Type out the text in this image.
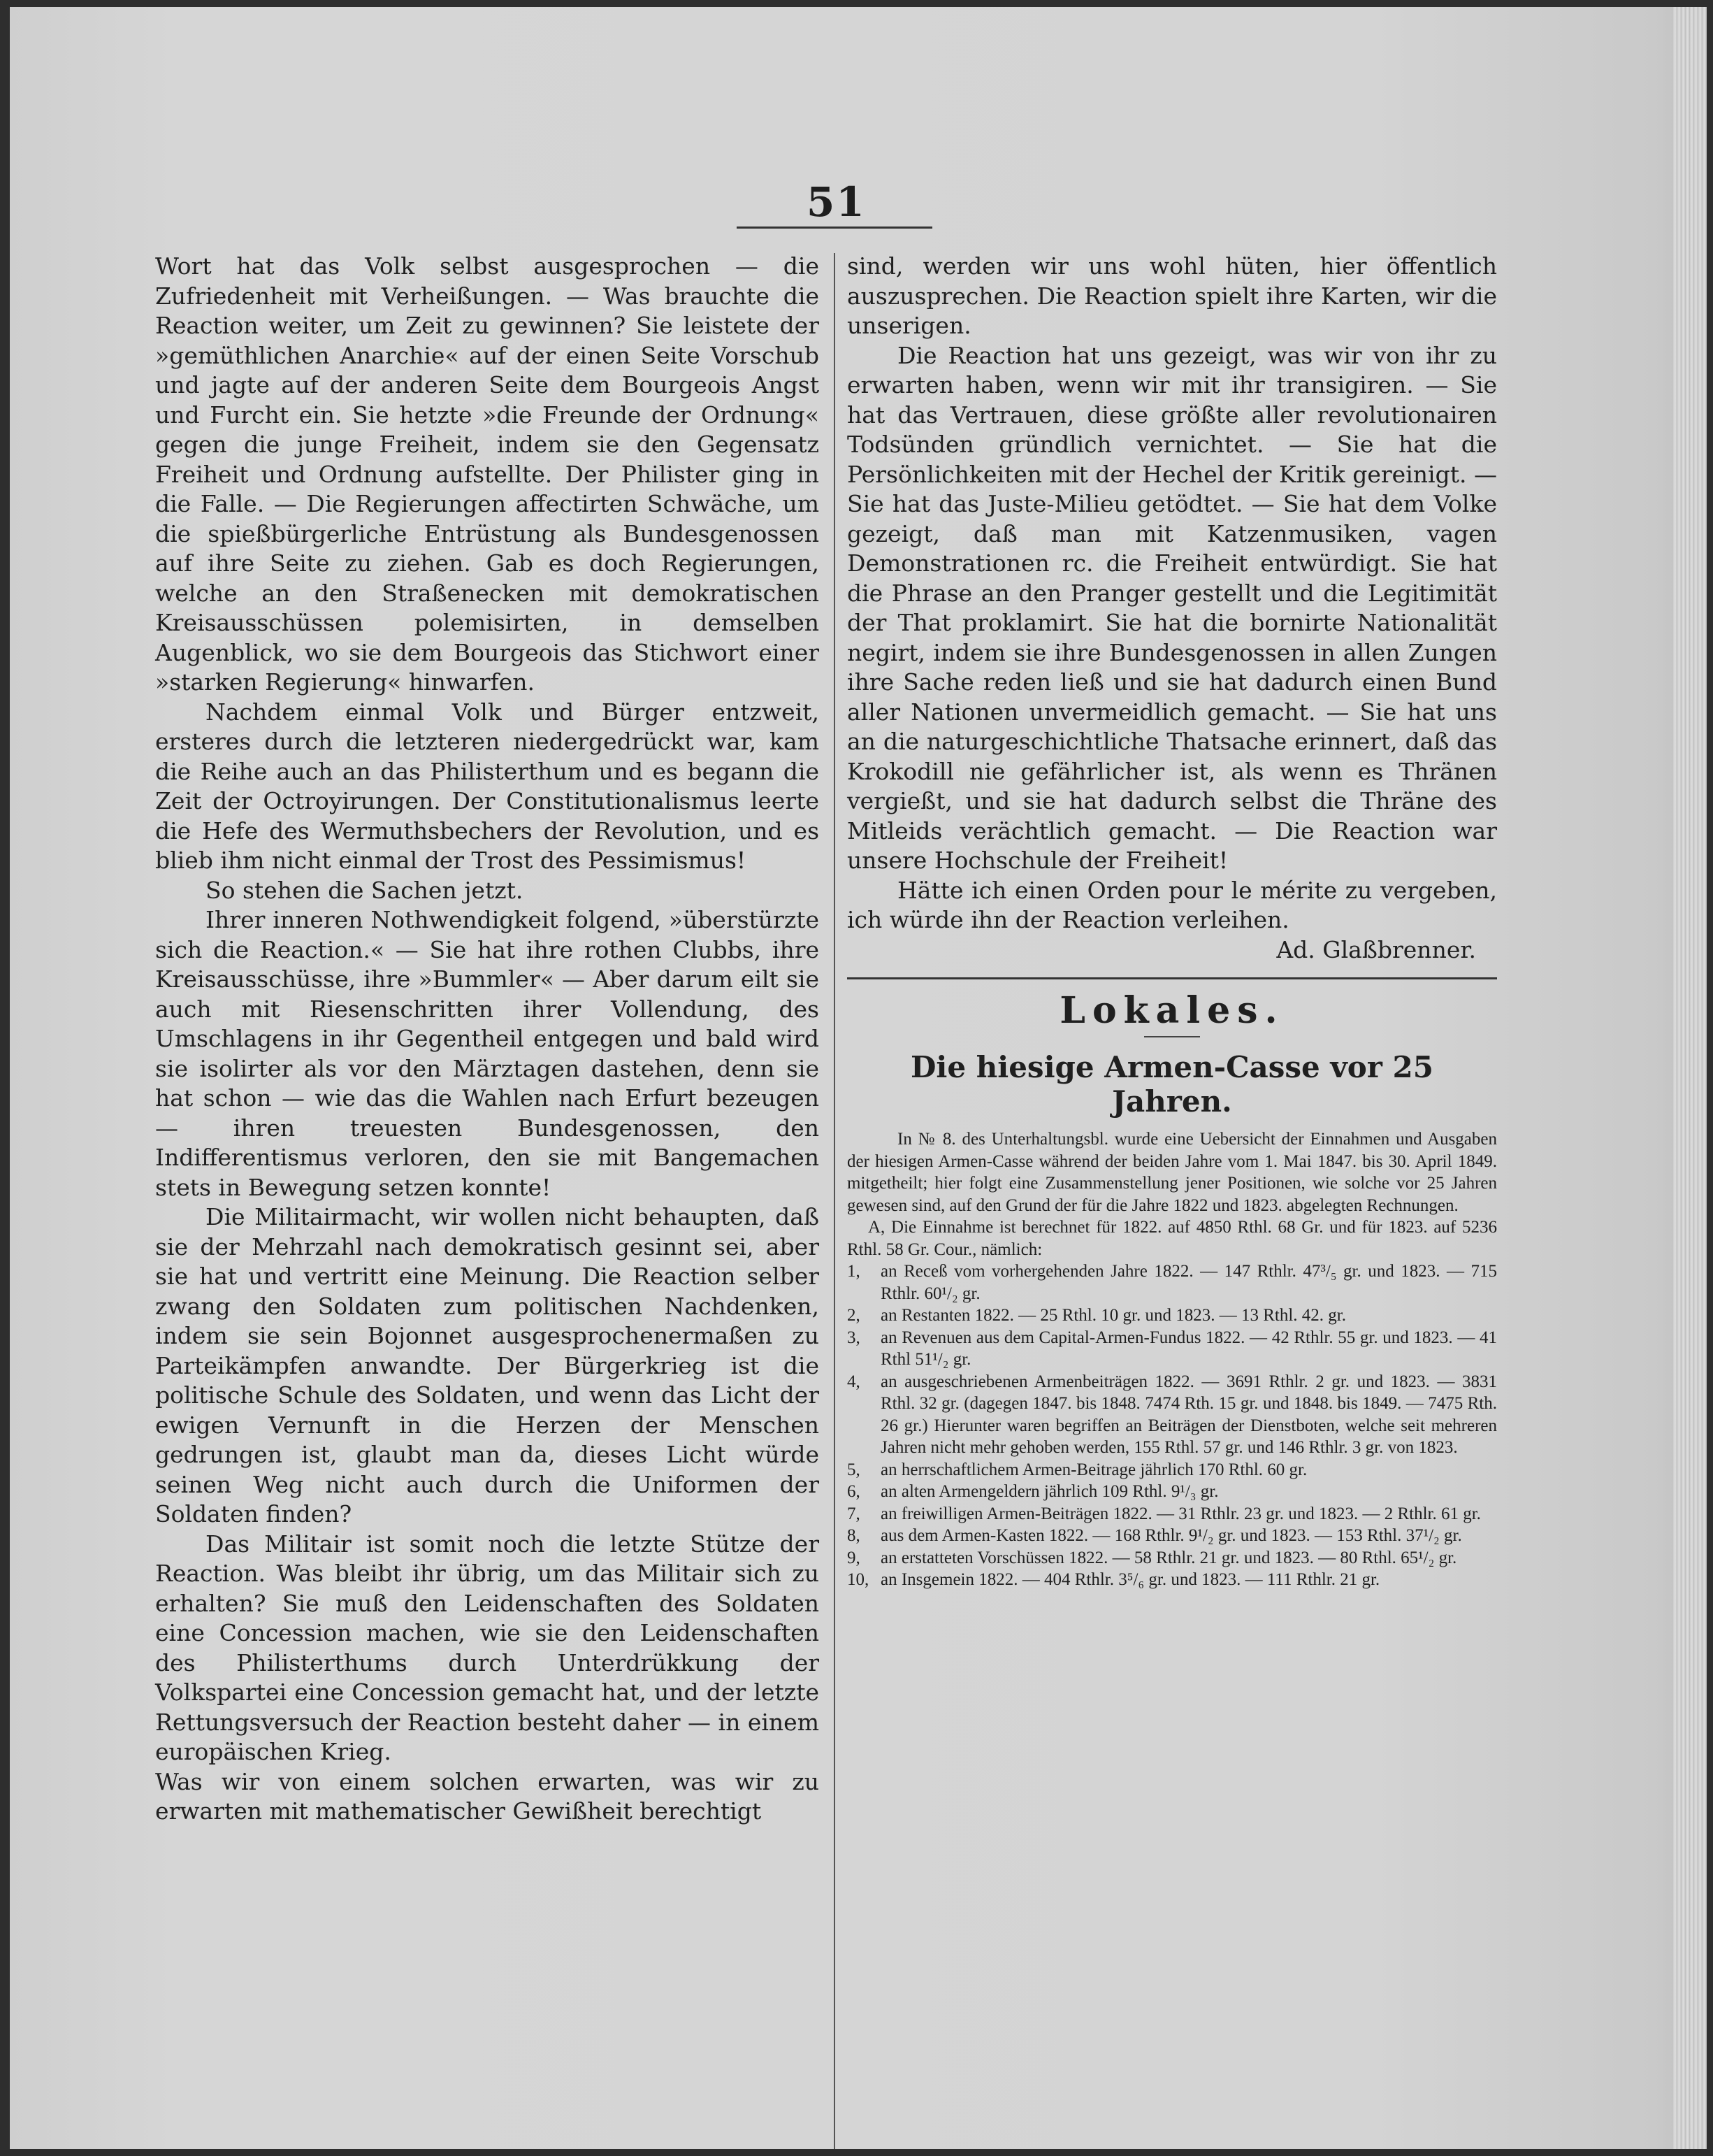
51

Wort hat das Volk selbst ausgesprochen — die Zufriedenheit mit Verheißungen. — Was brauchte die Reaction weiter, um Zeit zu gewinnen? Sie leistete der »gemüthlichen Anarchie« auf der einen Seite Vorschub und jagte auf der anderen Seite dem Bourgeois Angst und Furcht ein. Sie hetzte »die Freunde der Ordnung« gegen die junge Freiheit, indem sie den Gegensatz Freiheit und Ordnung aufstellte. Der Philister ging in die Falle. — Die Regierungen affectirten Schwäche, um die spießbürgerliche Entrüstung als Bundesgenossen auf ihre Seite zu ziehen. Gab es doch Regierungen, welche an den Straßenecken mit demokratischen Kreisausschüssen polemisirten, in demselben Augenblick, wo sie dem Bourgeois das Stichwort einer »starken Regierung« hinwarfen.

Nachdem einmal Volk und Bürger entzweit, ersteres durch die letzteren niedergedrückt war, kam die Reihe auch an das Philisterthum und es begann die Zeit der Octroyirungen. Der Constitutionalismus leerte die Hefe des Wermuthsbechers der Revolution, und es blieb ihm nicht einmal der Trost des Pessimismus!

So stehen die Sachen jetzt.

Ihrer inneren Nothwendigkeit folgend, »überstürzte sich die Reaction.« — Sie hat ihre rothen Clubbs, ihre Kreisausschüsse, ihre »Bummler« — Aber darum eilt sie auch mit Riesenschritten ihrer Vollendung, des Umschlagens in ihr Gegentheil entgegen und bald wird sie isolirter als vor den Märztagen dastehen, denn sie hat schon — wie das die Wahlen nach Erfurt bezeugen — ihren treuesten Bundesgenossen, den Indifferentismus verloren, den sie mit Bangemachen stets in Bewegung setzen konnte!

Die Militairmacht, wir wollen nicht behaupten, daß sie der Mehrzahl nach demokratisch gesinnt sei, aber sie hat und vertritt eine Meinung. Die Reaction selber zwang den Soldaten zum politischen Nachdenken, indem sie sein Bojonnet ausgesprochenermaßen zu Parteikämpfen anwandte. Der Bürgerkrieg ist die politische Schule des Soldaten, und wenn das Licht der ewigen Vernunft in die Herzen der Menschen gedrungen ist, glaubt man da, dieses Licht würde seinen Weg nicht auch durch die Uniformen der Soldaten finden?

Das Militair ist somit noch die letzte Stütze der Reaction. Was bleibt ihr übrig, um das Militair sich zu erhalten? Sie muß den Leidenschaften des Soldaten eine Concession machen, wie sie den Leidenschaften des Philisterthums durch Unterdrükkung der Volkspartei eine Concession gemacht hat, und der letzte Rettungsversuch der Reaction besteht daher — in einem europäischen Krieg.

Was wir von einem solchen erwarten, was wir zu erwarten mit mathematischer Gewißheit berechtigt

sind, werden wir uns wohl hüten, hier öffentlich auszusprechen. Die Reaction spielt ihre Karten, wir die unserigen.

Die Reaction hat uns gezeigt, was wir von ihr zu erwarten haben, wenn wir mit ihr transigiren. — Sie hat das Vertrauen, diese größte aller revolutionairen Todsünden gründlich vernichtet. — Sie hat die Persönlichkeiten mit der Hechel der Kritik gereinigt. — Sie hat das Juste-Milieu getödtet. — Sie hat dem Volke gezeigt, daß man mit Katzenmusiken, vagen Demonstrationen rc. die Freiheit entwürdigt. Sie hat die Phrase an den Pranger gestellt und die Legitimität der That proklamirt. Sie hat die bornirte Nationalität negirt, indem sie ihre Bundesgenossen in allen Zungen ihre Sache reden ließ und sie hat dadurch einen Bund aller Nationen unvermeidlich gemacht. — Sie hat uns an die naturgeschichtliche Thatsache erinnert, daß das Krokodill nie gefährlicher ist, als wenn es Thränen vergießt, und sie hat dadurch selbst die Thräne des Mitleids verächtlich gemacht. — Die Reaction war unsere Hochschule der Freiheit!

Hätte ich einen Orden pour le mérite zu vergeben, ich würde ihn der Reaction verleihen.

Ad. Glaßbrenner.

Lokales.
Die hiesige Armen-Casse vor 25 Jahren.

In № 8. des Unterhaltungsbl. wurde eine Uebersicht der Einnahmen und Ausgaben der hiesigen Armen-Casse während der beiden Jahre vom 1. Mai 1847. bis 30. April 1849. mitgetheilt; hier folgt eine Zusammenstellung jener Positionen, wie solche vor 25 Jahren gewesen sind, auf den Grund der für die Jahre 1822 und 1823. abgelegten Rechnungen.

A, Die Einnahme ist berechnet für 1822. auf 4850 Rthl. 68 Gr. und für 1823. auf 5236 Rthl. 58 Gr. Cour., nämlich:

1,	an Receß vom vorhergehenden Jahre 1822. — 147 Rthlr. 47³/₅ gr. und 1823. — 715 Rthlr. 60¹/₂ gr.
2,	an Restanten 1822. — 25 Rthl. 10 gr. und 1823. — 13 Rthl. 42. gr.
3,	an Revenuen aus dem Capital-Armen-Fundus 1822. — 42 Rthlr. 55 gr. und 1823. — 41 Rthl 51¹/₂ gr.
4,	an ausgeschriebenen Armenbeiträgen 1822. — 3691 Rthlr. 2 gr. und 1823. — 3831 Rthl. 32 gr. (dagegen 1847. bis 1848. 7474 Rth. 15 gr. und 1848. bis 1849. — 7475 Rth. 26 gr.) Hierunter waren begriffen an Beiträgen der Dienstboten, welche seit mehreren Jahren nicht mehr gehoben werden, 155 Rthl. 57 gr. und 146 Rthlr. 3 gr. von 1823.
5,	an herrschaftlichem Armen-Beitrage jährlich 170 Rthl. 60 gr.
6,	an alten Armengeldern jährlich 109 Rthl. 9¹/₃ gr.
7,	an freiwilligen Armen-Beiträgen 1822. — 31 Rthlr. 23 gr. und 1823. — 2 Rthlr. 61 gr.
8,	aus dem Armen-Kasten 1822. — 168 Rthlr. 9¹/₂ gr. und 1823. — 153 Rthl. 37¹/₂ gr.
9,	an erstatteten Vorschüssen 1822. — 58 Rthlr. 21 gr. und 1823. — 80 Rthl. 65¹/₂ gr.
10, an Insgemein 1822. — 404 Rthlr. 3⁵/₆ gr. und 1823. — 111 Rthlr. 21 gr.
